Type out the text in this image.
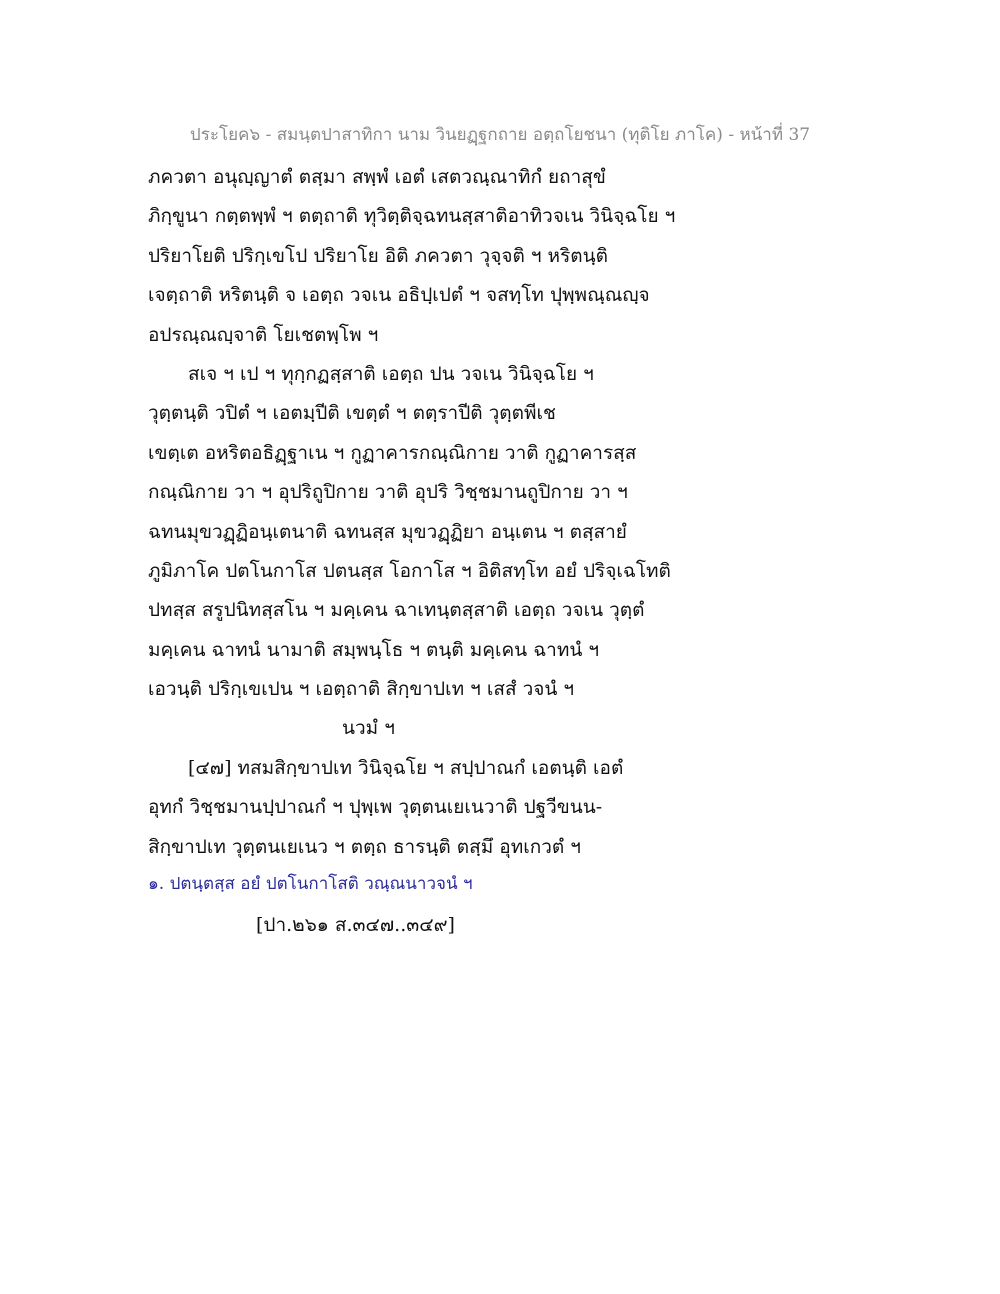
ประโยค๖ - สมนฺตปาสาทิกา นาม วินยฏฺฐกถาย อตฺถโยชนา (ทุติโย ภาโค) - หน้าที่ 37
ภควตา อนุญฺญาตํ ตสฺมา สพฺพํ เอตํ เสตวณฺณาทิกํ ยถาสุขํ
ภิกฺขูนา กตฺตพฺพํ ฯ ตตฺถาติ ทุวิตฺติจฺฉทนสฺสาติอาทิวจเน วินิจฺฉโย ฯ
ปริยาโยติ ปริกฺเขโป ปริยาโย อิติ ภควตา วุจฺจติ ฯ หริตนฺติ
เจตฺถาติ หริตนฺติ จ เอตฺถ วจเน อธิปฺเปตํ ฯ จสทฺโท ปุพฺพณฺณญฺจ
อปรณฺณญฺจาติ โยเชตพฺโพ ฯ
สเจ ฯ เป ฯ ทุกฺกฏสฺสาติ เอตฺถ ปน วจเน วินิจฺฉโย ฯ
วุตฺตนฺติ วปิตํ ฯ เอตมฺปีติ เขตฺตํ ฯ ตตฺราปีติ วุตฺตพีเช
เขตฺเต อหริตอธิฏฺฐาเน ฯ กูฏาคารกณฺณิกาย วาติ กูฏาคารสฺส
กณฺณิกาย วา ฯ อุปริถูปิกาย วาติ อุปริ วิชฺชมานถูปิกาย วา ฯ
ฉทนมุขวฏฺฏิอนฺเตนาติ ฉทนสฺส มุขวฏฺฏิยา อนฺเตน ฯ ตสฺสายํ
ภูมิภาโค ปตโนกาโส ปตนสฺส โอกาโส ฯ อิติสทฺโท อยํ ปริจฺเฉโทติ
ปทสฺส สรูปนิทสฺสโน ฯ มคฺเคน ฉาเทนฺตสฺสาติ เอตฺถ วจเน วุตฺตํ
มคฺเคน ฉาทนํ นามาติ สมฺพนฺโธ ฯ ตนฺติ มคฺเคน ฉาทนํ ฯ
เอวนฺติ ปริกฺเขเปน ฯ เอตฺถาติ สิกฺขาปเท ฯ เสสํ วจนํ ฯ
นวมํ ฯ
[๔๗] ทสมสิกฺขาปเท วินิจฺฉโย ฯ สปฺปาณกํ เอตนฺติ เอตํ
อุทกํ วิชฺชมานปฺปาณกํ ฯ ปุพฺเพ วุตฺตนเยเนวาติ ปฐวีขนน-
สิกฺขาปเท วุตฺตนเยเนว ฯ ตตฺถ ธารนฺติ ตสฺมึ อุทเกวตํ ฯ
๑. ปตนฺตสฺส อยํ ปตโนกาโสติ วณฺณนาวจนํ ฯ
[ปา.๒๖๑ ส.๓๔๗..๓๔๙]
